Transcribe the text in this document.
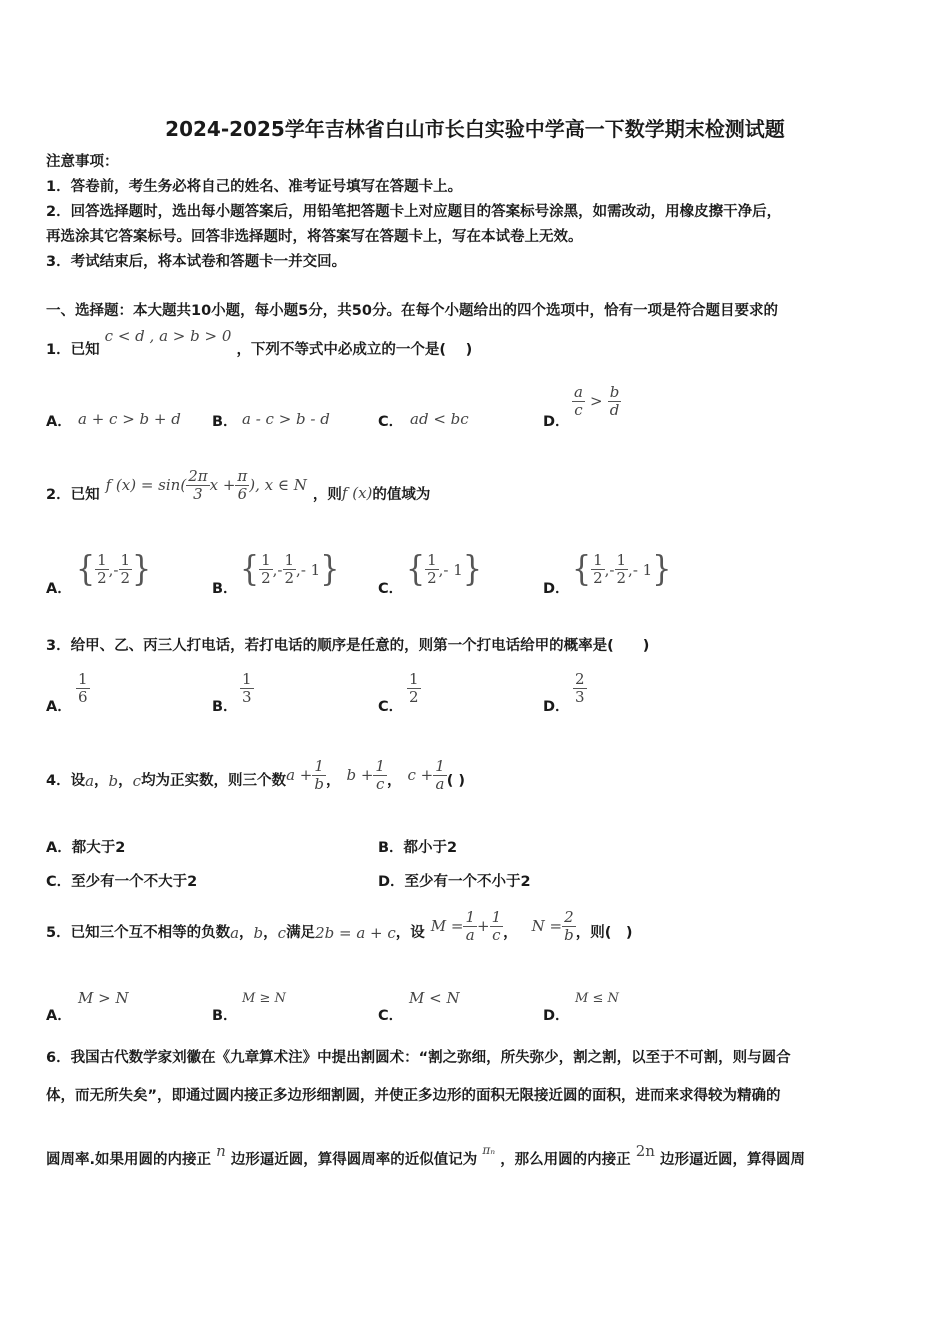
2024-2025学年吉林省白山市长白实验中学高一下数学期末检测试题
注意事项：
1．答卷前，考生务必将自己的姓名、准考证号填写在答题卡上。
2．回答选择题时，选出每小题答案后，用铅笔把答题卡上对应题目的答案标号涂黑，如需改动，用橡皮擦干净后，
再选涂其它答案标号。回答非选择题时，将答案写在答题卡上，写在本试卷上无效。
3．考试结束后，将本试卷和答题卡一并交回。
一、选择题：本大题共10小题，每小题5分，共50分。在每个小题给出的四个选项中，恰有一项是符合题目要求的
1．已知 c < d , a > b > 0 ，下列不等式中必成立的一个是(　 )
A． a + c > b + d B． a - c > b - d	C． ad < bc	D．
$\frac{a}{c} > \frac{b}{d}$
2．已知
f $(x) = \sin( \frac{2\pi}{3}$ $x + \frac{\pi}{6}$ ), x ∈ N
，则 f (x) 的值域为
A． { $\frac{1}{2}$ , - $\frac{1}{2}$ }	B． { $\frac{1}{2}$ , - $\frac{1}{2}$ , - 1 }	C． { $\frac{1}{2}$ , - 1 }	D． { $\frac{1}{2}$ , - $\frac{1}{2}$ , - 1 }
3．给甲、乙、丙三人打电话，若打电话的顺序是任意的，则第一个打电话给甲的概率是(　　)
A．
$\frac{1}{6}$
B．
$\frac{1}{3}$
C．
$\frac{1}{2}$
D．
$\frac{2}{3}$
4．设 a ， b ， c 均为正实数，则三个数 $a + \frac{1}{b}$ ， $b + \frac{1}{c}$ ， $c + \frac{1}{a}$ ( )
A．都大于2	B．都小于2
C．至少有一个不大于2	D．至少有一个不小于2
5．已知三个互不相等的负数 a ， b ， c 满足 2b = a + c ，设 $M = \frac{1}{a} + \frac{1}{c}$ ， $N = \frac{2}{b}$ ，则(　)
A．
M > N
B．
M ≥ N
C．
M < N
D．
M ≤ N
6．我国古代数学家刘徽在《九章算术注》中提出割圆术：“割之弥细，所失弥少，割之割，以至于不可割，则与圆合
体，而无所失矣”，即通过圆内接正多边形细割圆，并使正多边形的面积无限接近圆的面积，进而来求得较为精确的
圆周率.如果用圆的内接正 n 边形逼近圆，算得圆周率的近似值记为 $^{\pi_n}$ ，那么用圆的内接正 2n 边形逼近圆，算得圆周
